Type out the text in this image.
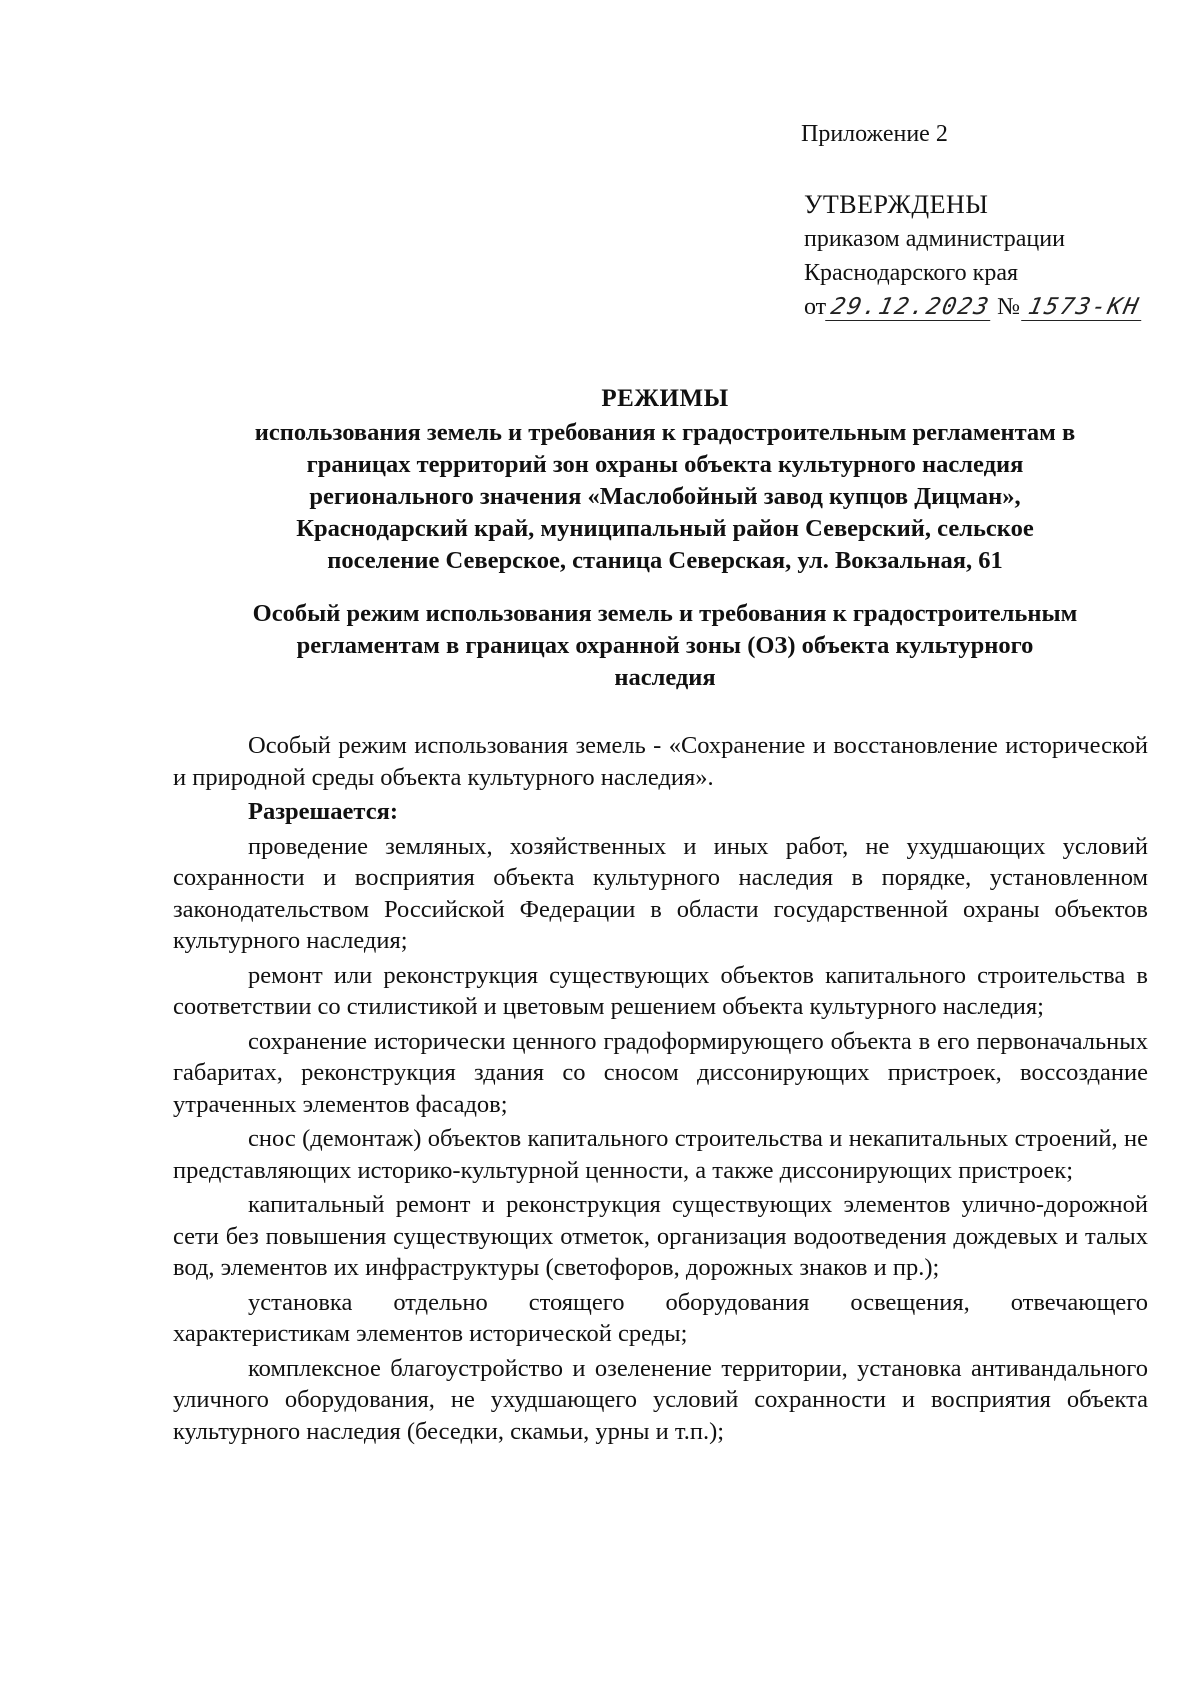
Приложение 2
УТВЕРЖДЕНЫ
приказом администрации
Краснодарского края
от 29.12.2023 № 1573-КН
РЕЖИМЫ
использования земель и требования к градостроительным регламентам в
границах территорий зон охраны объекта культурного наследия
регионального значения «Маслобойный завод купцов Дицман»,
Краснодарский край, муниципальный район Северский, сельское
поселение Северское, станица Северская, ул. Вокзальная, 61
Особый режим использования земель и требования к градостроительным
регламентам в границах охранной зоны (ОЗ) объекта культурного
наследия

Особый режим использования земель - «Сохранение и восстановление исторической и природной среды объекта культурного наследия».

Разрешается:

проведение земляных, хозяйственных и иных работ, не ухудшающих условий сохранности и восприятия объекта культурного наследия в порядке, установленном законодательством Российской Федерации в области государственной охраны объектов культурного наследия;

ремонт или реконструкция существующих объектов капитального строительства в соответствии со стилистикой и цветовым решением объекта культурного наследия;

сохранение исторически ценного градоформирующего объекта в его первоначальных габаритах, реконструкция здания со сносом диссонирующих пристроек, воссоздание утраченных элементов фасадов;

снос (демонтаж) объектов капитального строительства и некапитальных строений, не представляющих историко-культурной ценности, а также диссонирующих пристроек;

капитальный ремонт и реконструкция существующих элементов улично-дорожной сети без повышения существующих отметок, организация водоотведения дождевых и талых вод, элементов их инфраструктуры (светофоров, дорожных знаков и пр.);

установка отдельно стоящего оборудования освещения, отвечающего характеристикам элементов исторической среды;

комплексное благоустройство и озеленение территории, установка антивандального уличного оборудования, не ухудшающего условий сохранности и восприятия объекта культурного наследия (беседки, скамьи, урны и т.п.);
